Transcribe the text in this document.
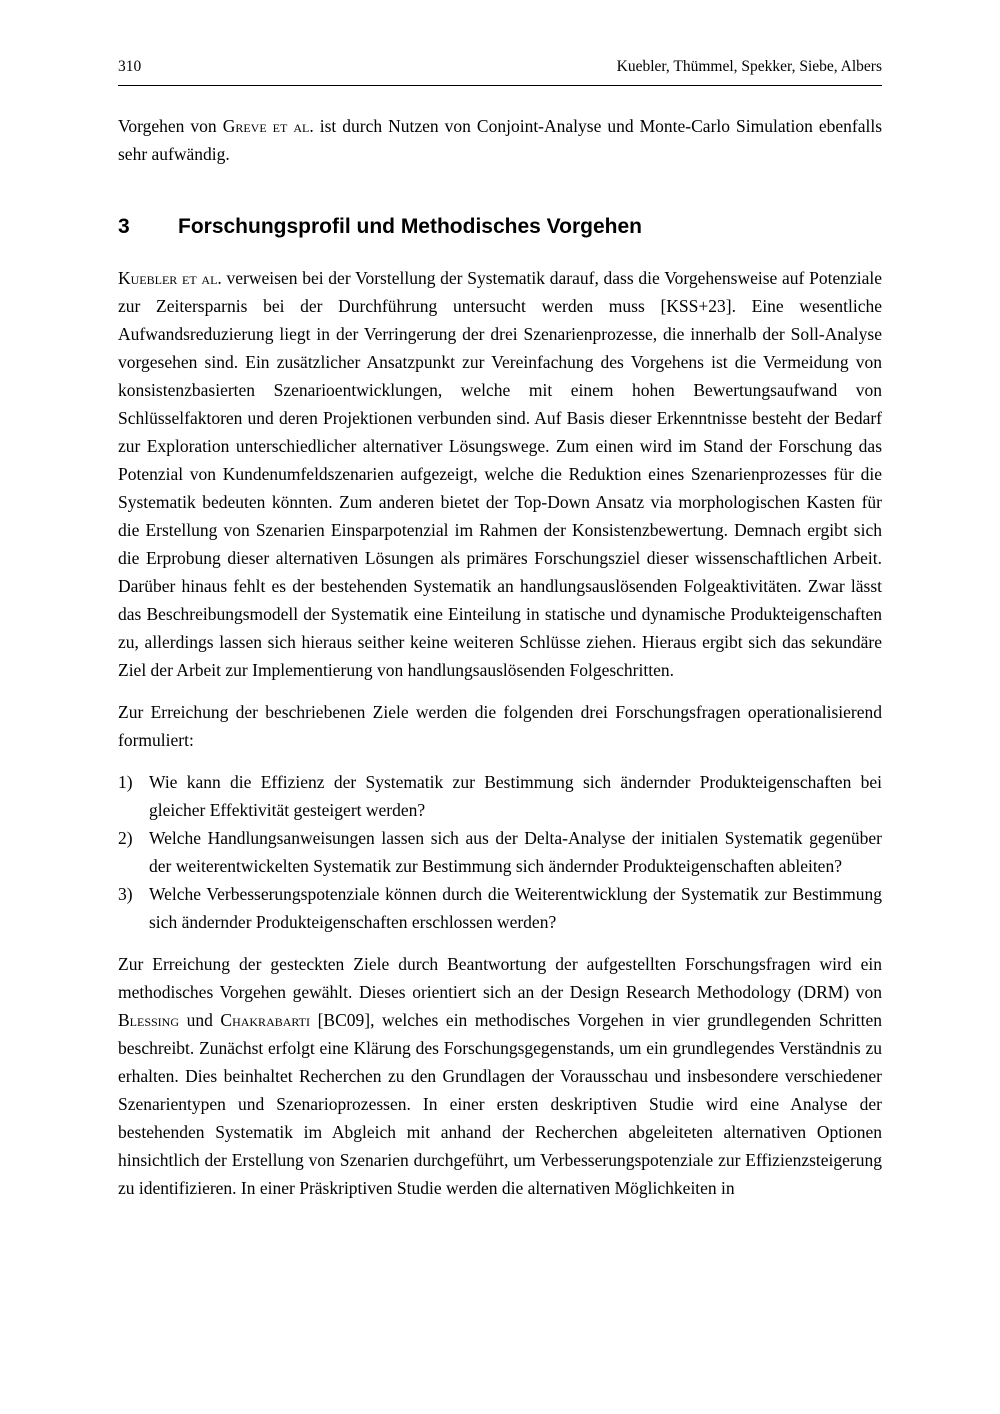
310	Kuebler, Thümmel, Spekker, Siebe, Albers

Vorgehen von Greve et al. ist durch Nutzen von Conjoint-Analyse und Monte-Carlo Simulation ebenfalls sehr aufwändig.

3	Forschungsprofil und Methodisches Vorgehen

Kuebler et al. verweisen bei der Vorstellung der Systematik darauf, dass die Vorgehensweise auf Potenziale zur Zeitersparnis bei der Durchführung untersucht werden muss [KSS+23]. Eine wesentliche Aufwandsreduzierung liegt in der Verringerung der drei Szenarienprozesse, die innerhalb der Soll-Analyse vorgesehen sind. Ein zusätzlicher Ansatzpunkt zur Vereinfachung des Vorgehens ist die Vermeidung von konsistenzbasierten Szenarioentwicklungen, welche mit einem hohen Bewertungsaufwand von Schlüsselfaktoren und deren Projektionen verbunden sind. Auf Basis dieser Erkenntnisse besteht der Bedarf zur Exploration unterschiedlicher alternativer Lösungswege. Zum einen wird im Stand der Forschung das Potenzial von Kundenumfeldszenarien aufgezeigt, welche die Reduktion eines Szenarienprozesses für die Systematik bedeuten könnten. Zum anderen bietet der Top-Down Ansatz via morphologischen Kasten für die Erstellung von Szenarien Einsparpotenzial im Rahmen der Konsistenzbewertung. Demnach ergibt sich die Erprobung dieser alternativen Lösungen als primäres Forschungsziel dieser wissenschaftlichen Arbeit. Darüber hinaus fehlt es der bestehenden Systematik an handlungsauslösenden Folgeaktivitäten. Zwar lässt das Beschreibungsmodell der Systematik eine Einteilung in statische und dynamische Produkteigenschaften zu, allerdings lassen sich hieraus seither keine weiteren Schlüsse ziehen. Hieraus ergibt sich das sekundäre Ziel der Arbeit zur Implementierung von handlungsauslösenden Folgeschritten.

Zur Erreichung der beschriebenen Ziele werden die folgenden drei Forschungsfragen operationalisierend formuliert:

1) Wie kann die Effizienz der Systematik zur Bestimmung sich ändernder Produkteigenschaften bei gleicher Effektivität gesteigert werden?
2) Welche Handlungsanweisungen lassen sich aus der Delta-Analyse der initialen Systematik gegenüber der weiterentwickelten Systematik zur Bestimmung sich ändernder Produkteigenschaften ableiten?
3) Welche Verbesserungspotenziale können durch die Weiterentwicklung der Systematik zur Bestimmung sich ändernder Produkteigenschaften erschlossen werden?

Zur Erreichung der gesteckten Ziele durch Beantwortung der aufgestellten Forschungsfragen wird ein methodisches Vorgehen gewählt. Dieses orientiert sich an der Design Research Methodology (DRM) von Blessing und Chakrabarti [BC09], welches ein methodisches Vorgehen in vier grundlegenden Schritten beschreibt. Zunächst erfolgt eine Klärung des Forschungsgegenstands, um ein grundlegendes Verständnis zu erhalten. Dies beinhaltet Recherchen zu den Grundlagen der Vorausschau und insbesondere verschiedener Szenarientypen und Szenarioprozessen. In einer ersten deskriptiven Studie wird eine Analyse der bestehenden Systematik im Abgleich mit anhand der Recherchen abgeleiteten alternativen Optionen hinsichtlich der Erstellung von Szenarien durchgeführt, um Verbesserungspotenziale zur Effizienzsteigerung zu identifizieren. In einer Präskriptiven Studie werden die alternativen Möglichkeiten in
